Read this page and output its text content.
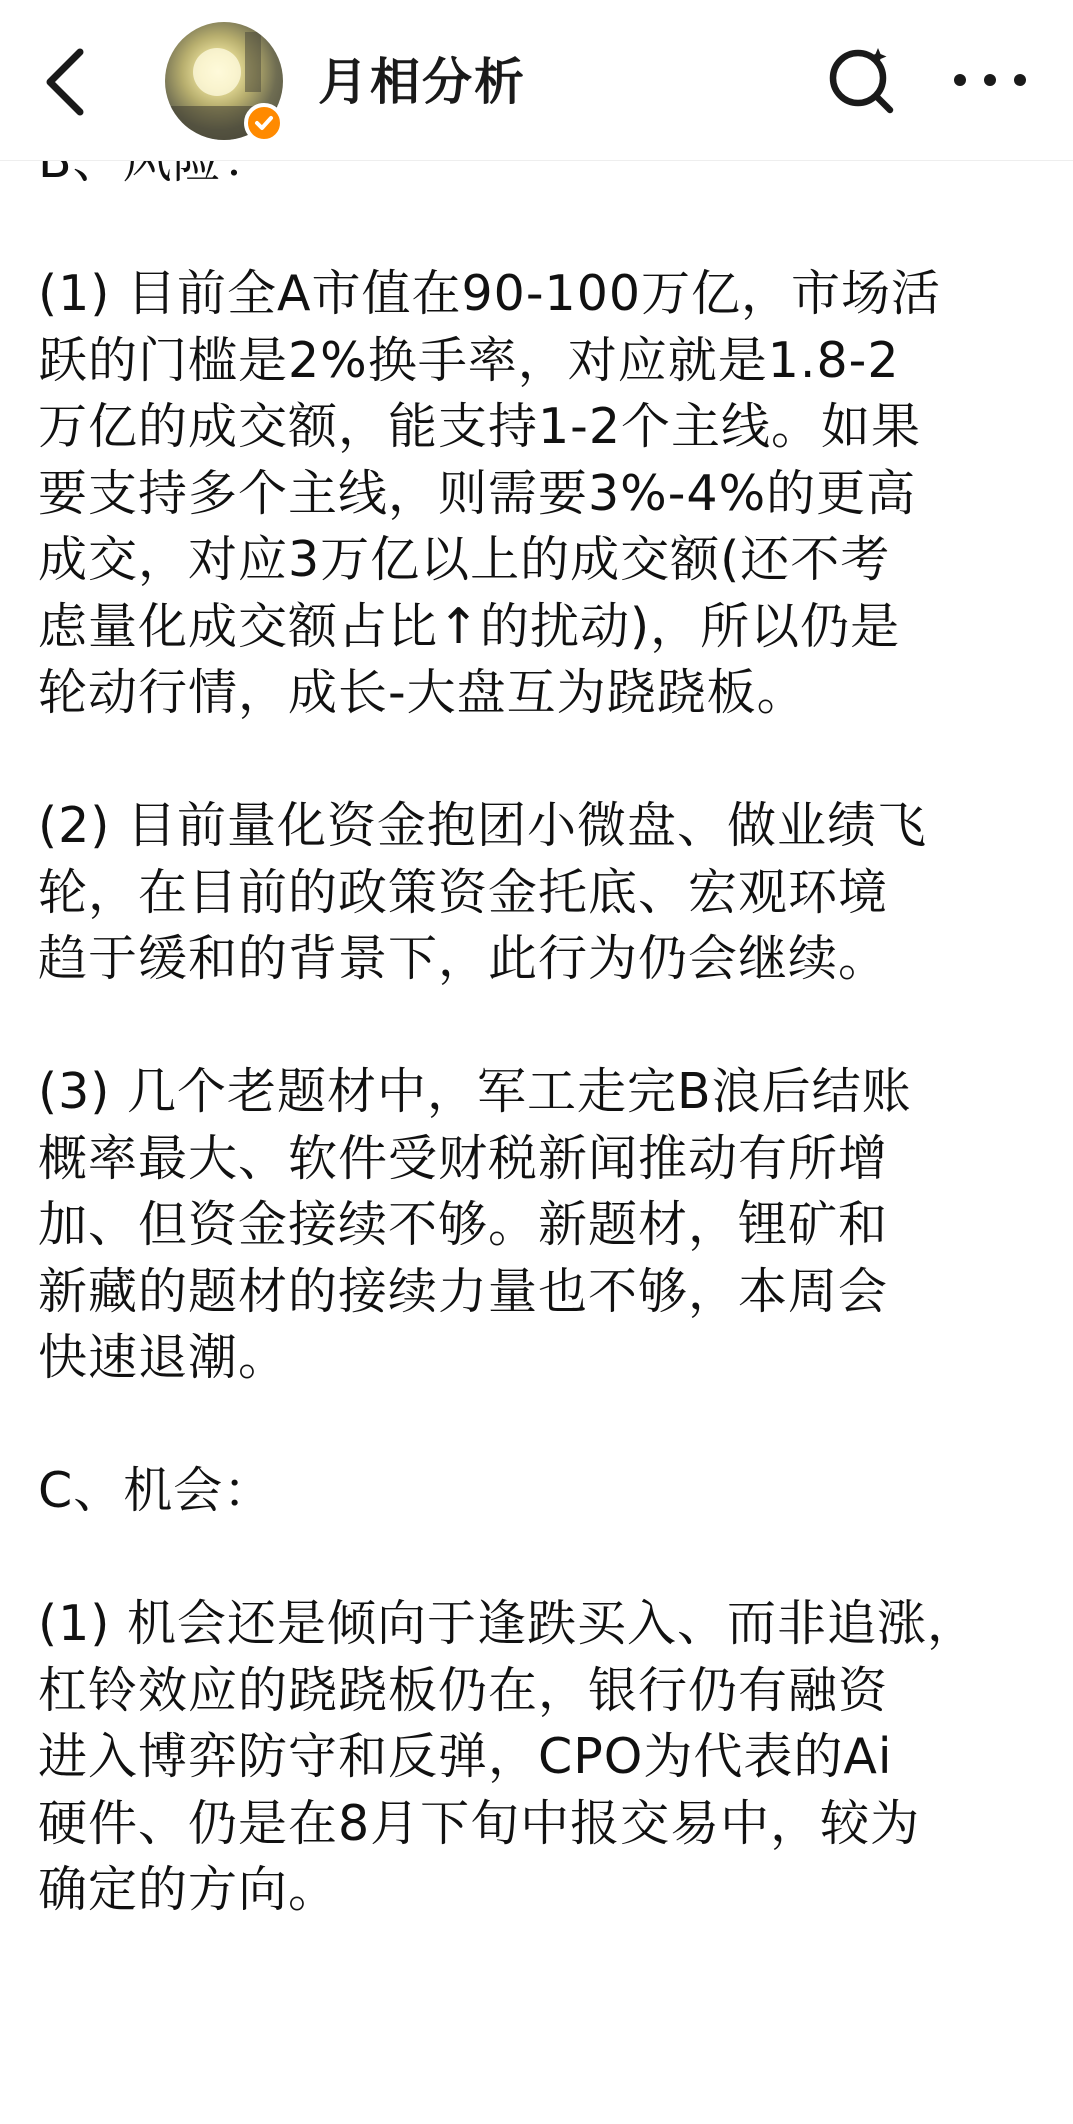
月相分析
(1) 目前全A市值在90-100万亿，市场活
跃的门槛是2%换手率，对应就是1.8-2
万亿的成交额，能支持1-2个主线。如果
要支持多个主线，则需要3%-4%的更高
成交，对应3万亿以上的成交额(还不考
虑量化成交额占比↑的扰动)，所以仍是
轮动行情，成长-大盘互为跷跷板。
(2) 目前量化资金抱团小微盘、做业绩飞
轮，在目前的政策资金托底、宏观环境
趋于缓和的背景下，此行为仍会继续。
(3) 几个老题材中，军工走完B浪后结账
概率最大、软件受财税新闻推动有所增
加、但资金接续不够。新题材，锂矿和
新藏的题材的接续力量也不够，本周会
快速退潮。
C、机会：
(1) 机会还是倾向于逢跌买入、而非追涨，
杠铃效应的跷跷板仍在，银行仍有融资
进入博弈防守和反弹，CPO为代表的Ai
硬件、仍是在8月下旬中报交易中，较为
确定的方向。
